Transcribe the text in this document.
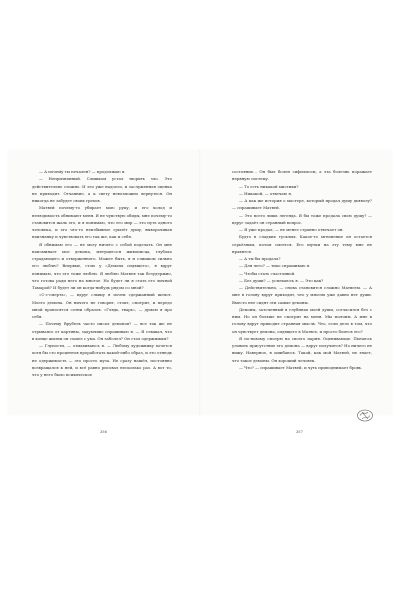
— А почему ты печален? — продолжаю я.

— Непризнанный. Слишком устал творить зло. Это действительно сложно. И зло уже надоело, и заслуженная оценка не приходит. Отчаяние, а к свету невозможно вернуться. Он никогда не забудет своих грехов.

Матвей почему-то убирает мою руку, и его холод и нелюдимость обнимают меня. Я не чувствую обиды, мне почему-то становится жаль его, и я понимаю, что его мир — это путь одного человека, и его что-то неизбывное грызёт душу, выворачивая наизнанку и чувствовать его так же, как и себя.

Я обнимаю его — не могу ничего с собой поделать. Он мне напоминает мое демона, мятущегося живописца, глубоко страдающего и отверженного. Может быть, я и слишком сильно его люблю? Впервые, стою у «Демона сидящего», я вдруг понимаю, что его тоже люблю. Я люблю Матвея так безудержно, что готова ради него на многое. Но будет ли я стать его личной Тамарой? И будет ли он когда-нибудь рядом со мной?

«С-с-смерть», — вдруг слышу я почти сдержанный шепот. Моего демона. Он ничего не говорит, стоит, смотрит, и передо мной проносятся сотни образов. «Глядь, тварь», — думаю я про себя.

— Почему Врубель часто писал демонов? — все так же не отрываясь от картины, задумчиво спрашиваю я. — Я слышал, что в конце жизни он сошел с ума. Он заболел? Он стал одержимым?

— Глупости, — отмахиваюсь я. — Любому художнику хочется хотя бы сто процентов проработать какой-либо образ, и это отнюдь не одержимость — это просто муза. Не сразу нашёл, постоянно возвращался к ней, и всё равно рисовал несколько раз. А вот то, что у него было психическое

состояние... Он был болен сифилисом, а эта болезнь поражает нервную систему.

— То есть никакой мистики?

— Никакой, — отвечаю я.

— А как же история о мастере, который продал душу дьяволу? — спрашивает Матвей.

— Это всего лишь легенда. Я бы тоже продала свою душу? — вдруг задаёт он странный вопрос.

— Я уже продал, — не менее странно отвечает он.

Будто в сладких тусклых. Какое-то мгновение он остается серьёзным, потом смеется. Его шутки на эту тему мне не нравятся.

— А ты бы продала?

— Для чего? — тихо спрашиваю я.

— Чтобы стать счастливой.

— Без души? — усмехаюсь я. — Это как?

— Действительно, — снова становится сложно Матвеем. — А мне в голову вдруг приходит, что у многих уже давно нет души. Вместо нее сидят эти самые демоны.

Демоны, заточенный в глубинах моей души, согласился без с ним. Но он больше не смотрит на меня. Мы молчим. А мне в голову вдруг приходит странная мысль. Что, если дело в том, что он чувствует демона, сидящего в Матвее, и просто боится его?

Я по-новому смотрю на своего парня. Оценивающе. Пытаюсь уловить присутствие его демона — вдруг получится? Но ничего не вижу. Наверное, я ошибаюсь. Такой, как мой Матвей, не знает, что такое демоны. Он хороший человек.

— Что? — спрашивает Матвей, и чуть приподнимает бровь.

356	357
